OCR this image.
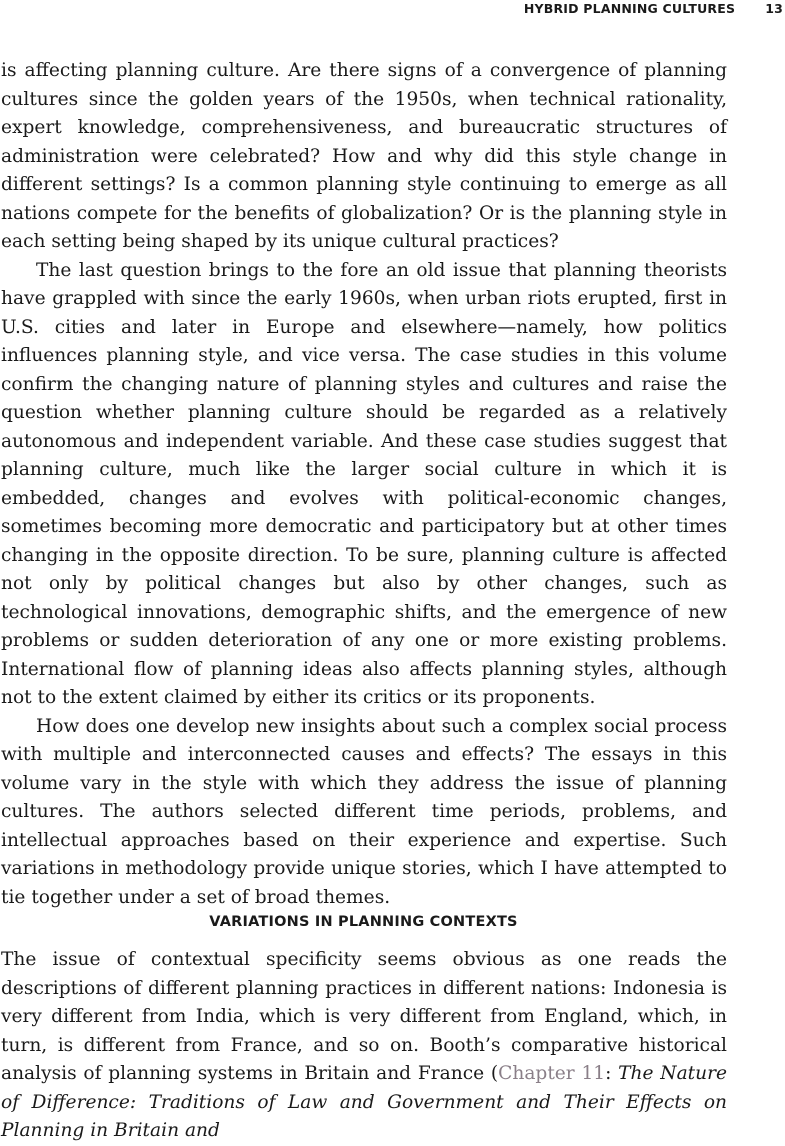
HYBRID PLANNING CULTURES 13

is affecting planning culture. Are there signs of a convergence of planning cultures since the golden years of the 1950s, when technical rationality, expert knowledge, comprehensiveness, and bureaucratic structures of administration were celebrated? How and why did this style change in different settings? Is a common planning style continuing to emerge as all nations compete for the benefits of globalization? Or is the planning style in each setting being shaped by its unique cultural practices?

The last question brings to the fore an old issue that planning theorists have grappled with since the early 1960s, when urban riots erupted, first in U.S. cities and later in Europe and elsewhere—namely, how politics influences planning style, and vice versa. The case studies in this volume confirm the changing nature of planning styles and cultures and raise the question whether planning culture should be regarded as a relatively autonomous and independent variable. And these case studies suggest that planning culture, much like the larger social culture in which it is embedded, changes and evolves with political-economic changes, sometimes becoming more democratic and participatory but at other times changing in the opposite direction. To be sure, planning culture is affected not only by political changes but also by other changes, such as technological innovations, demographic shifts, and the emergence of new problems or sudden deterioration of any one or more existing problems. International flow of planning ideas also affects planning styles, although not to the extent claimed by either its critics or its proponents.

How does one develop new insights about such a complex social process with multiple and interconnected causes and effects? The essays in this volume vary in the style with which they address the issue of planning cultures. The authors selected different time periods, problems, and intellectual approaches based on their experience and expertise. Such variations in methodology provide unique stories, which I have attempted to tie together under a set of broad themes.

VARIATIONS IN PLANNING CONTEXTS

The issue of contextual specificity seems obvious as one reads the descriptions of different planning practices in different nations: Indonesia is very different from India, which is very different from England, which, in turn, is different from France, and so on. Booth’s comparative historical analysis of planning systems in Britain and France (Chapter 11: The Nature of Difference: Traditions of Law and Government and Their Effects on Planning in Britain and
